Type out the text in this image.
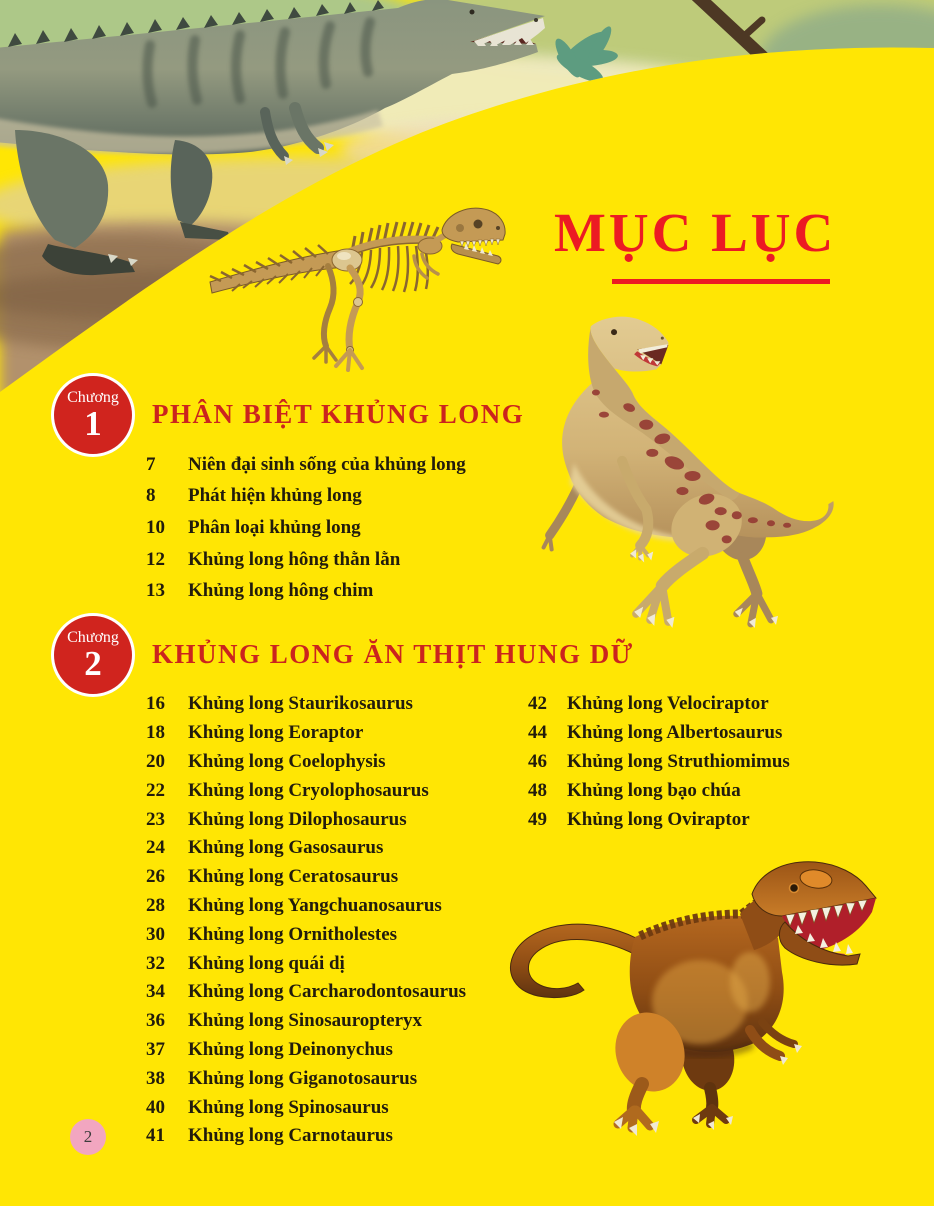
MỤC LỤC
Chương
1	PHÂN BIỆT KHỦNG LONG
7	Niên đại sinh sống của khủng long
8	Phát hiện khủng long
10	Phân loại khủng long
12	Khủng long hông thằn lằn
13	Khủng long hông chim
Chương
2	KHỦNG LONG ĂN THỊT HUNG DỮ
16	Khủng long Staurikosaurus
18	Khủng long Eoraptor
20	Khủng long Coelophysis
22	Khủng long Cryolophosaurus
23	Khủng long Dilophosaurus
24	Khủng long Gasosaurus
26	Khủng long Ceratosaurus
28	Khủng long Yangchuanosaurus
30	Khủng long Ornitholestes
32	Khủng long quái dị
34	Khủng long Carcharodontosaurus
36	Khủng long Sinosauropteryx
37	Khủng long Deinonychus
38	Khủng long Giganotosaurus
40	Khủng long Spinosaurus
41	Khủng long Carnotaurus
42	Khủng long Velociraptor
44	Khủng long Albertosaurus
46	Khủng long Struthiomimus
48	Khủng long bạo chúa
49	Khủng long Oviraptor
2
